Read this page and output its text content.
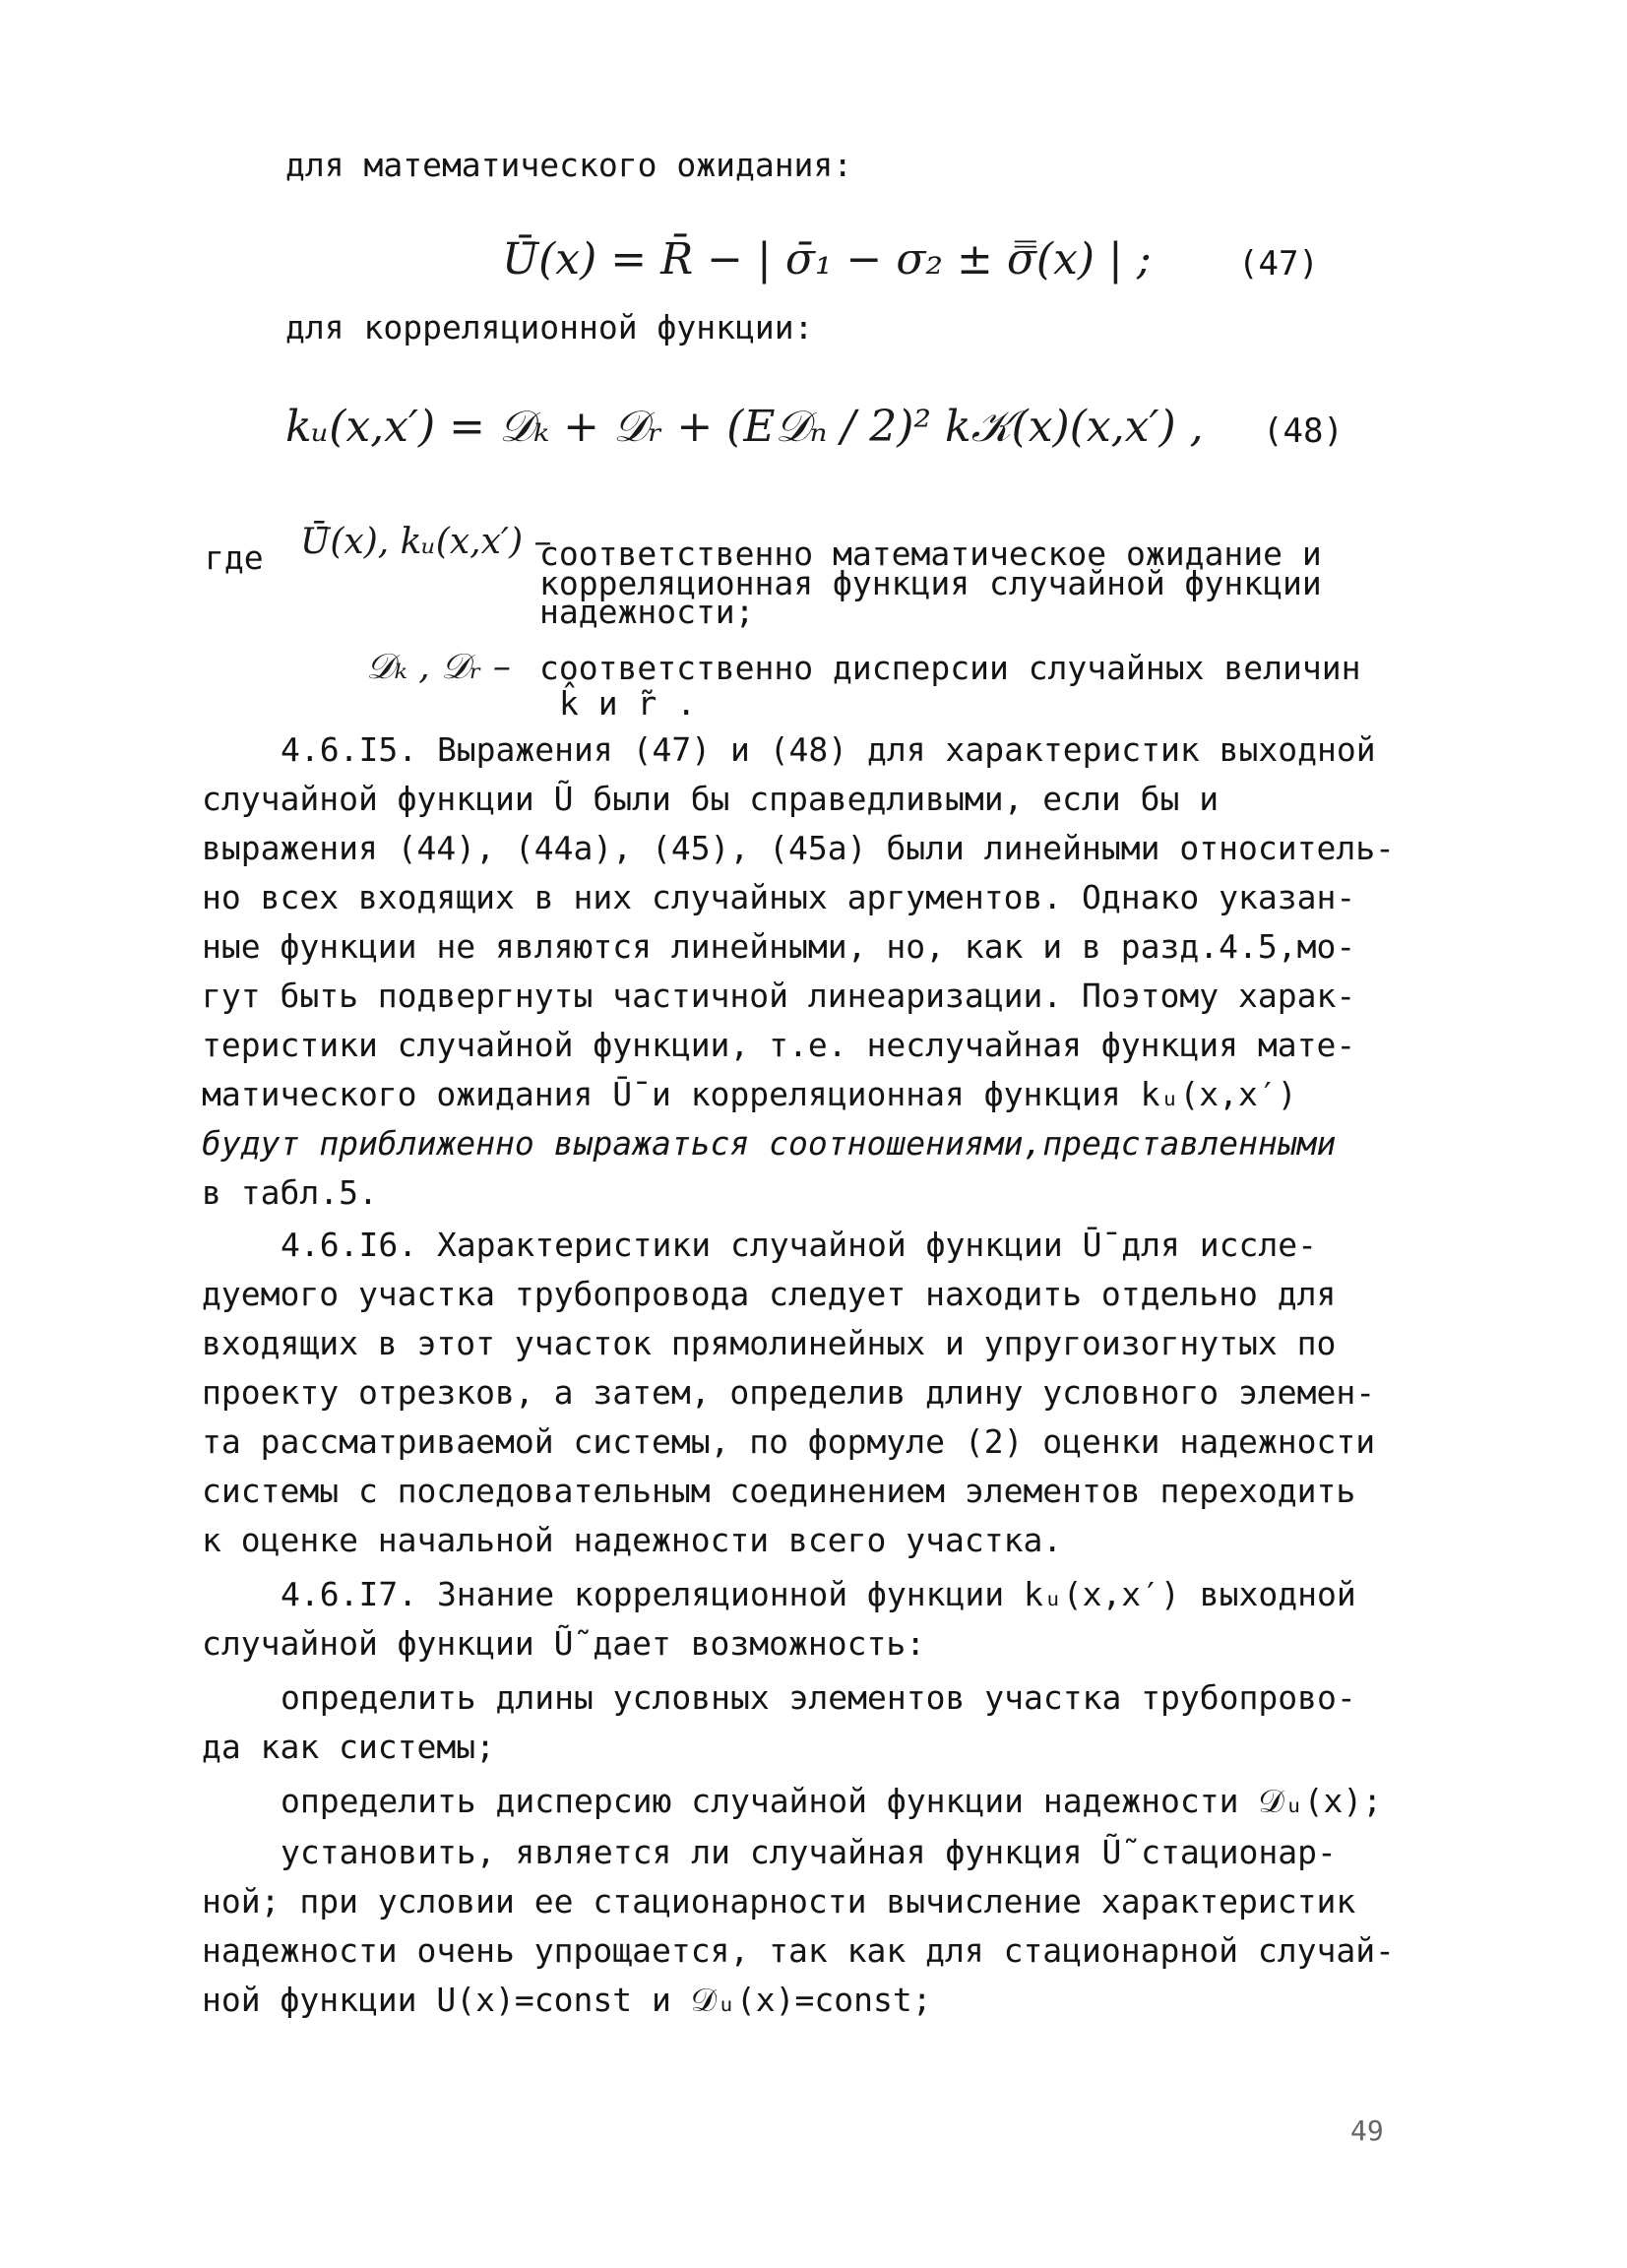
для математического ожидания:
Ū̄(x) = R̄ − | σ̄₁ − σ₂ ± σ̿(x) | ;	(47)
для корреляционной функции:
kᵤ(x,x′) = 𝒟ₖ + 𝒟ᵣ + (E𝒟ₙ / 2)² k𝒦(x)(x,x′) , (48)
где Ū̄(x), kᵤ(x,x′) –
соответственно математическое ожидание и
корреляционная функция случайной функции
надежности;
𝒟ₖ , 𝒟ᵣ – соответственно дисперсии случайных величин
k̂ и r̃ .
4.6.I5. Выражения (47) и (48) для характеристик выходной
случайной функции Ũ были бы справедливыми, если бы и
выражения (44), (44а), (45), (45а) были линейными относитель-
но всех входящих в них случайных аргументов. Однако указан-
ные функции не являются линейными, но, как и в разд.4.5,мо-
гут быть подвергнуты частичной линеаризации. Поэтому харак-
теристики случайной функции, т.е. неслучайная функция мате-
матического ожидания Ū̄ и корреляционная функция kᵤ(x,x′)
будут приближенно выражаться соотношениями,представленными
в табл.5.
4.6.I6. Характеристики случайной функции Ū̄ для иссле-
дуемого участка трубопровода следует находить отдельно для
входящих в этот участок прямолинейных и упругоизогнутых по
проекту отрезков, а затем, определив длину условного элемен-
та рассматриваемой системы, по формуле (2) оценки надежности
системы с последовательным соединением элементов переходить
к оценке начальной надежности всего участка.
4.6.I7. Знание корреляционной функции kᵤ(x,x′) выходной
случайной функции Ũ̃ дает возможность:
определить длины условных элементов участка трубопрово-
да как системы;
определить дисперсию случайной функции надежности 𝒟ᵤ(x);
установить, является ли случайная функция Ũ̃ стационар-
ной; при условии ее стационарности вычисление характеристик
надежности очень упрощается, так как для стационарной случай-
ной функции U(x)=const и 𝒟ᵤ(x)=const;
49
